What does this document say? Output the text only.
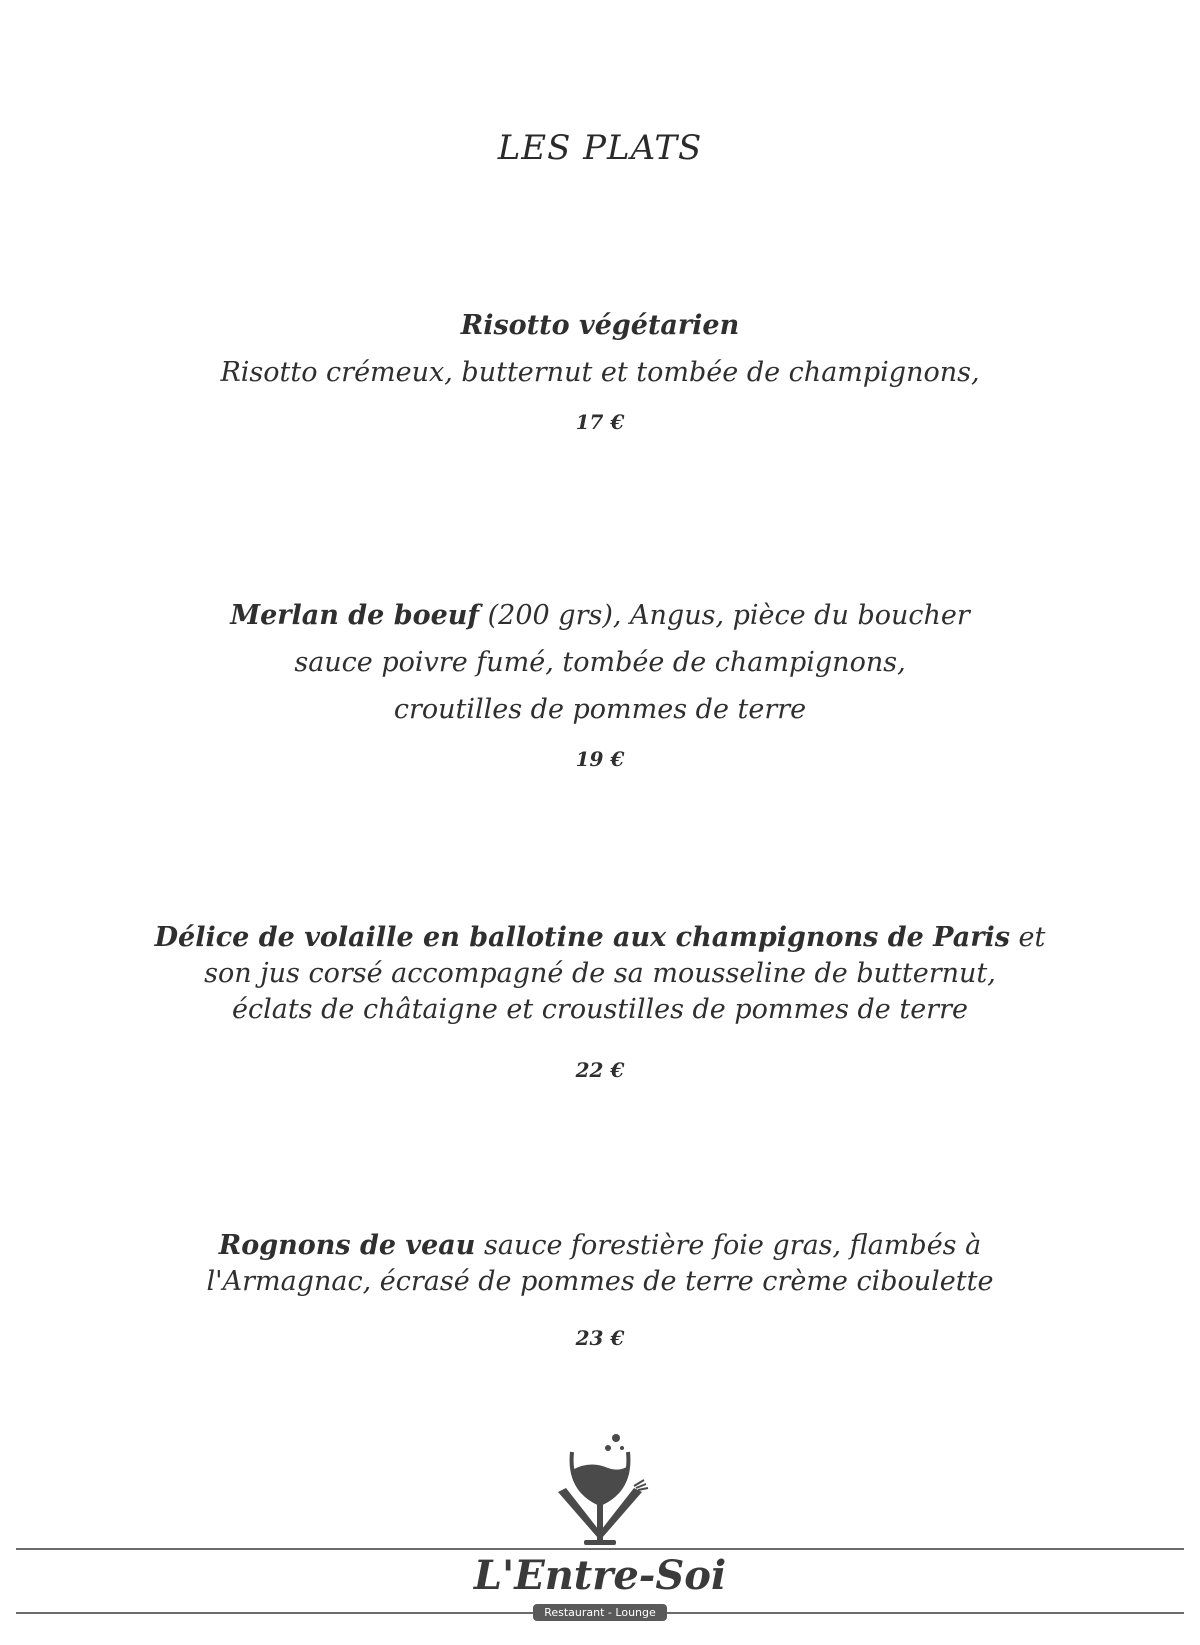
LES PLATS
Risotto végétarien
Risotto crémeux, butternut et tombée de champignons,
17 €
Merlan de boeuf (200 grs), Angus, pièce du boucher
sauce poivre fumé, tombée de champignons,
croutilles de pommes de terre
19 €
Délice de volaille en ballotine aux champignons de Paris et
son jus corsé accompagné de sa mousseline de butternut,
éclats de châtaigne et croustilles de pommes de terre
22 €
Rognons de veau sauce forestière foie gras, flambés à
l'Armagnac, écrasé de pommes de terre crème ciboulette
23 €
L'Entre-Soi
Restaurant - Lounge
